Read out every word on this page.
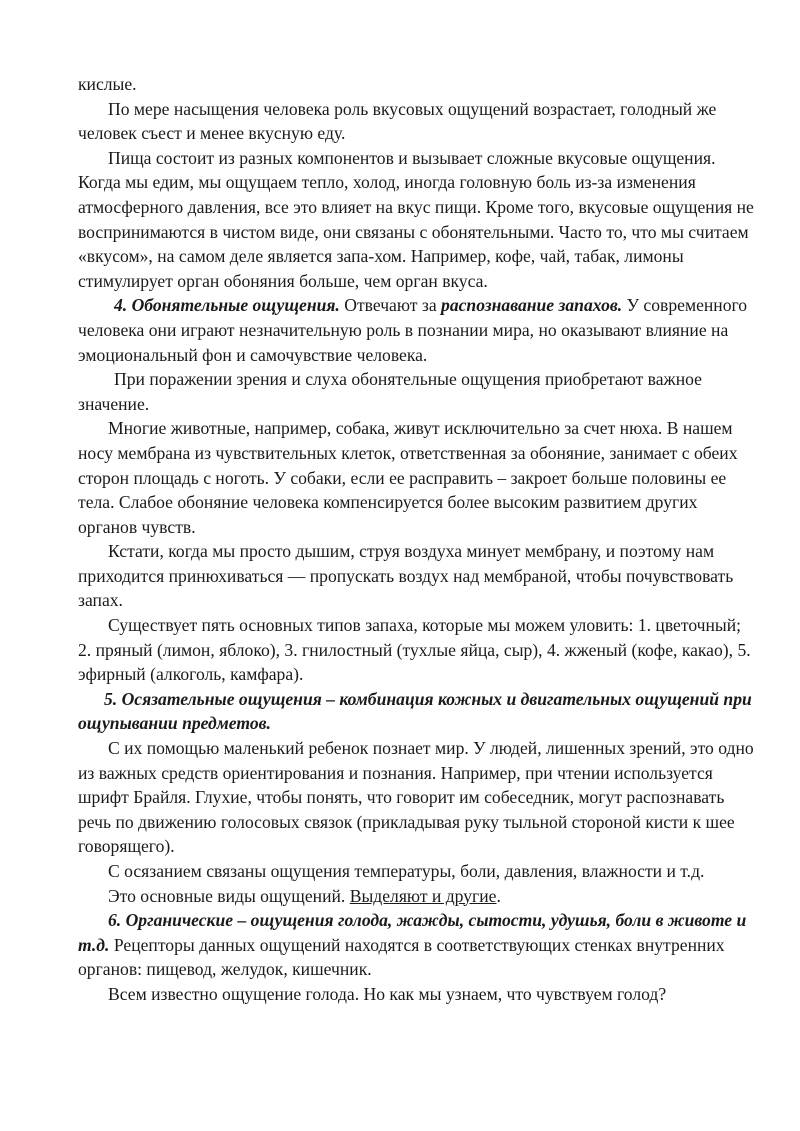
кислые.

По мере насыщения человека роль вкусовых ощущений возрастает, голодный же человек съест и менее вкусную еду.

Пища состоит из разных компонентов и вызывает сложные вкусовые ощущения. Когда мы едим, мы ощущаем тепло, холод, иногда головную боль из-за изменения атмосферного давления, все это влияет на вкус пищи. Кроме того, вкусовые ощущения не воспринимаются в чистом виде, они связаны с обонятельными. Часто то, что мы считаем «вкусом», на самом деле является запа-хом. Например, кофе, чай, табак, лимоны стимулирует орган обоняния больше, чем орган вкуса.

4. Обонятельные ощущения. Отвечают за распознавание запахов. У современного человека они играют незначительную роль в познании мира, но оказывают влияние на эмоциональный фон и самочувствие человека.

При поражении зрения и слуха обонятельные ощущения приобретают важное значение.

Многие животные, например, собака, живут исключительно за счет нюха. В нашем носу мембрана из чувствительных клеток, ответственная за обоняние, занимает с обеих сторон площадь с ноготь. У собаки, если ее расправить – закроет больше половины ее тела. Слабое обоняние человека компенсируется более высоким развитием других органов чувств.

Кстати, когда мы просто дышим, струя воздуха минует мембрану, и поэтому нам приходится принюхиваться — пропускать воздух над мембраной, чтобы почувствовать запах.

Существует пять основных типов запаха, которые мы можем уловить: 1. цветочный; 2. пряный (лимон, яблоко), 3. гнилостный (тухлые яйца, сыр), 4. жженый (кофе, какао), 5. эфирный (алкоголь, камфара).

5. Осязательные ощущения – комбинация кожных и двигательных ощущений при ощупывании предметов.

С их помощью маленький ребенок познает мир. У людей, лишенных зрений, это одно из важных средств ориентирования и познания. Например, при чтении используется шрифт Брайля. Глухие, чтобы понять, что говорит им собеседник, могут распознавать речь по движению голосовых связок (прикладывая руку тыльной стороной кисти к шее говорящего).

С осязанием связаны ощущения температуры, боли, давления, влажности и т.д.

Это основные виды ощущений. Выделяют и другие.

6. Органические – ощущения голода, жажды, сытости, удушья, боли в животе и т.д. Рецепторы данных ощущений находятся в соответствующих стенках внутренних органов: пищевод, желудок, кишечник.

Всем известно ощущение голода. Но как мы узнаем, что чувствуем голод?
